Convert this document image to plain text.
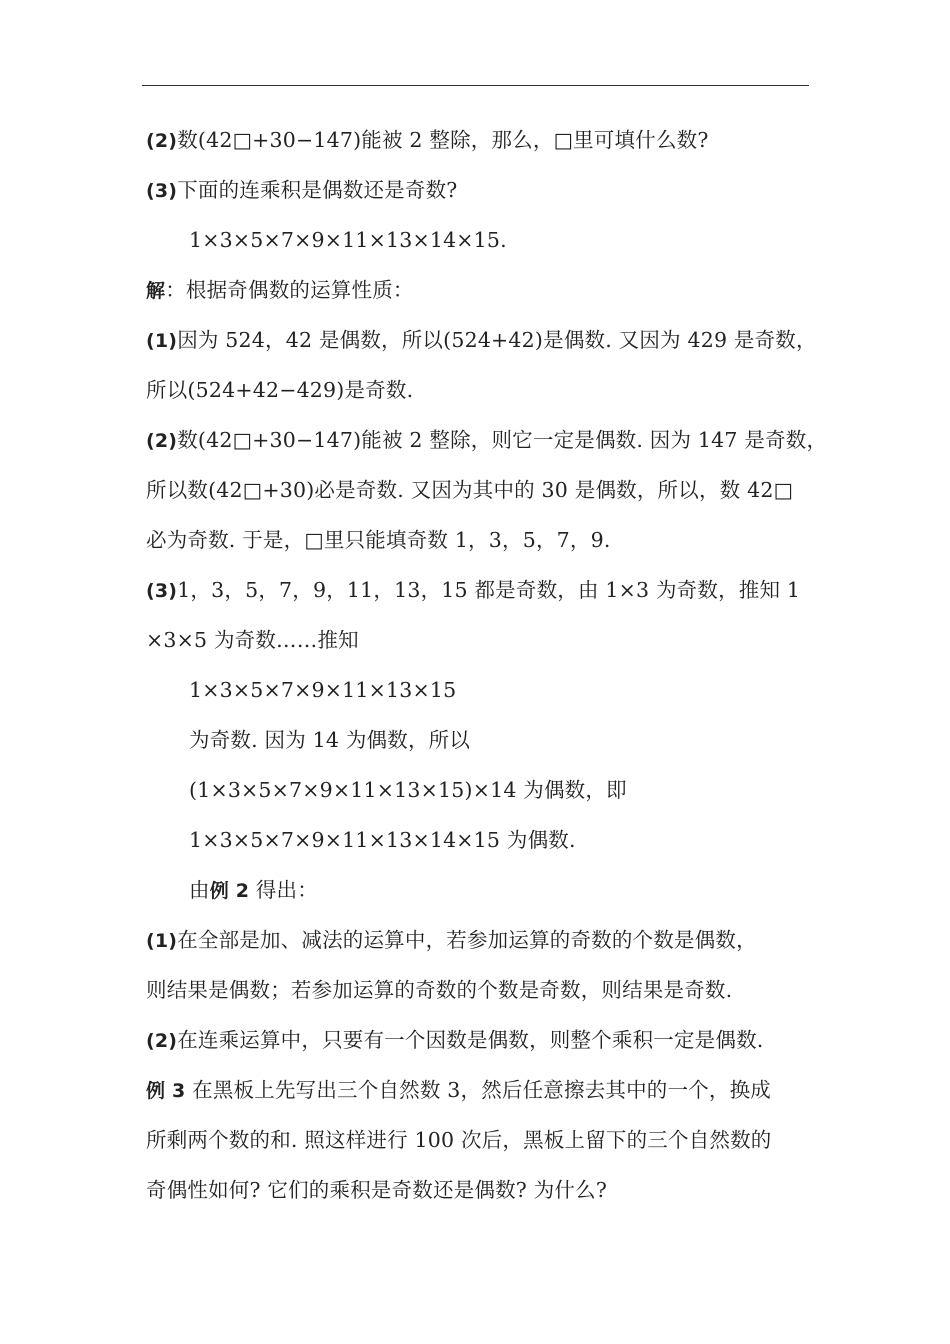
(2)数(42□+30−147)能被 2 整除，那么，□里可填什么数?
(3)下面的连乘积是偶数还是奇数?
1×3×5×7×9×11×13×14×15.
解：根据奇偶数的运算性质：
(1)因为 524，42 是偶数，所以(524+42)是偶数. 又因为 429 是奇数，
所以(524+42−429)是奇数.
(2)数(42□+30−147)能被 2 整除，则它一定是偶数. 因为 147 是奇数，
所以数(42□+30)必是奇数. 又因为其中的 30 是偶数，所以，数 42□
必为奇数. 于是，□里只能填奇数 1，3，5，7，9.
(3)1，3，5，7，9，11，13，15 都是奇数，由 1×3 为奇数，推知 1
×3×5 为奇数……推知
1×3×5×7×9×11×13×15
为奇数. 因为 14 为偶数，所以
(1×3×5×7×9×11×13×15)×14 为偶数，即
1×3×5×7×9×11×13×14×15 为偶数.
由例 2 得出：
(1)在全部是加、减法的运算中，若参加运算的奇数的个数是偶数，
则结果是偶数；若参加运算的奇数的个数是奇数，则结果是奇数.
(2)在连乘运算中，只要有一个因数是偶数，则整个乘积一定是偶数.
例 3 在黑板上先写出三个自然数 3，然后任意擦去其中的一个，换成
所剩两个数的和. 照这样进行 100 次后，黑板上留下的三个自然数的
奇偶性如何? 它们的乘积是奇数还是偶数? 为什么?
